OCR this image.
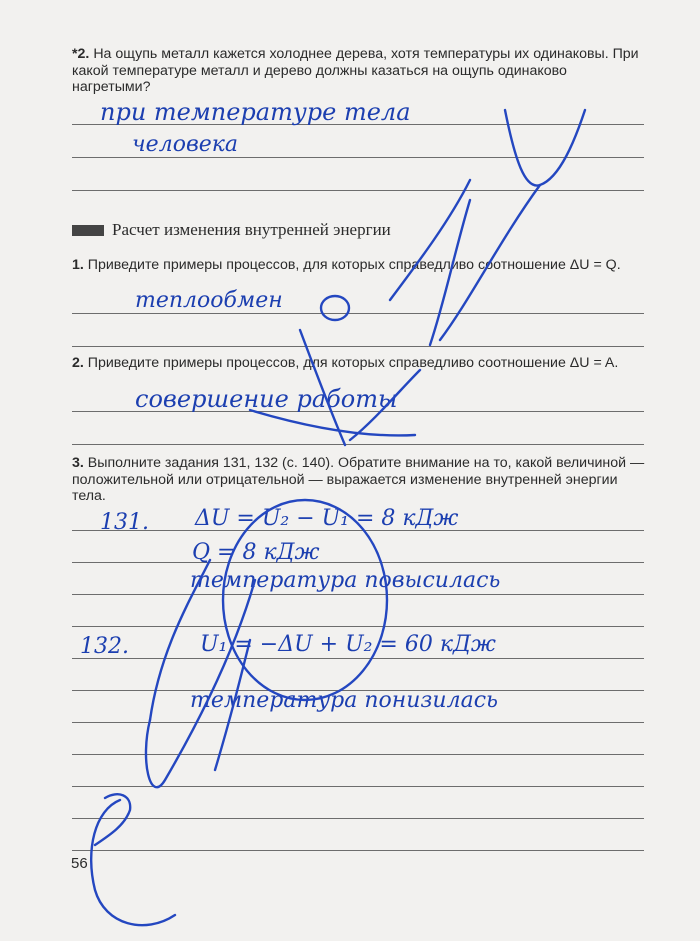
*2. На ощупь металл кажется холоднее дерева, хотя температуры их одинаковы. При какой температуре металл и дерево должны казаться на ощупь одинаково нагретыми?
при температуре тела
человека
Расчет изменения внутренней энергии
1. Приведите примеры процессов, для которых справедливо соотношение ΔU = Q.
теплообмен
2. Приведите примеры процессов, для которых справедливо соотношение ΔU = A.
совершение работы
3. Выполните задания 131, 132 (с. 140). Обратите внимание на то, какой величиной — положительной или отрицательной — выражается изменение внутренней энергии тела.
131. ΔU = U₂ − U₁ = 8 кДж
Q = 8 кДж
температура повысилась
132.	U₁ = −ΔU + U₂ = 60 кДж
температура понизилась
56
